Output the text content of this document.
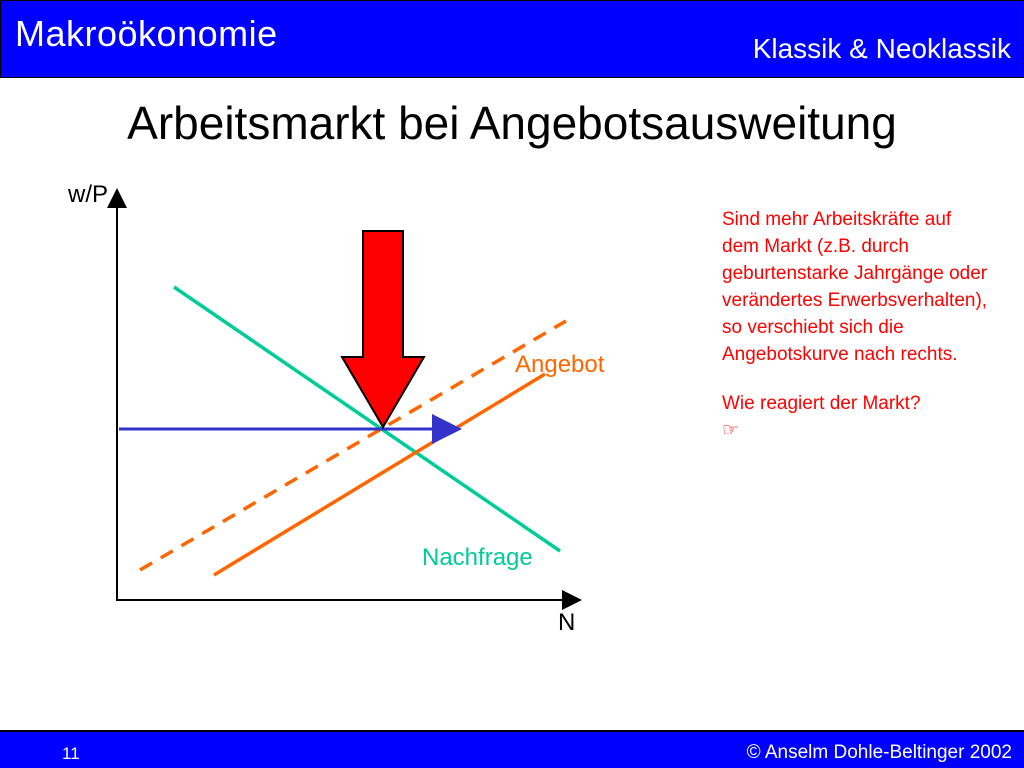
Makroökonomie	Klassik & Neoklassik
Arbeitsmarkt bei Angebotsausweitung
w/P
N
Angebot
Nachfrage

Sind mehr Arbeitskräfte auf dem Markt (z.B. durch geburtenstarke Jahrgänge oder verändertes Erwerbsverhalten), so verschiebt sich die Angebotskurve nach rechts.

Wie reagiert der Markt?
☞

11	© Anselm Dohle-Beltinger 2002
